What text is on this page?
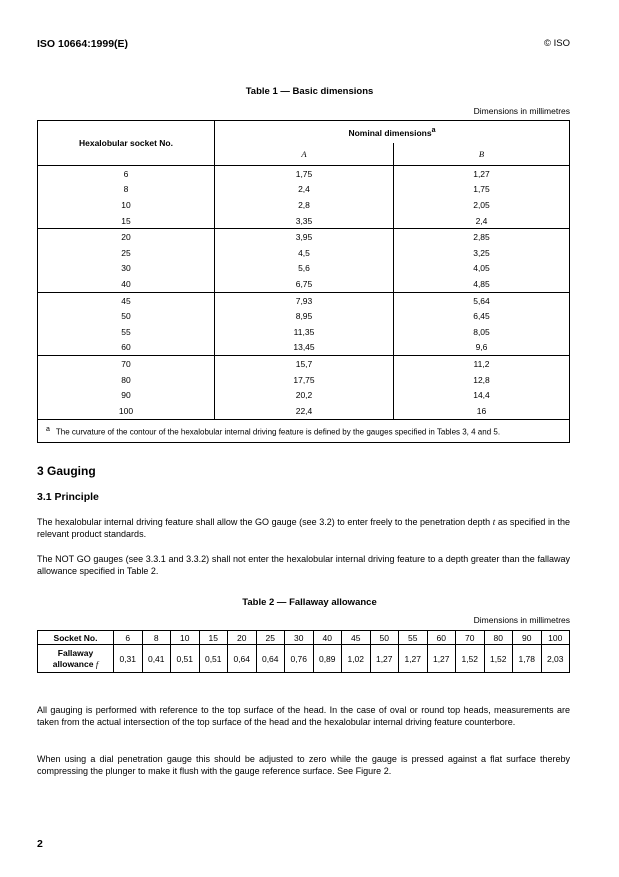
ISO 10664:1999(E)	© ISO
Table 1 — Basic dimensions
Dimensions in millimetres
Hexalobular socket No.	Nominal dimensions$^a$
	A	B
6	1,75	1,27
8	2,4	1,75
10	2,8	2,05
15	3,35	2,4
20	3,95	2,85
25	4,5	3,25
30	5,6	4,05
40	6,75	4,85
45	7,93	5,64
50	8,95	6,45
55	11,35	8,05
60	13,45	9,6
70	15,7	11,2
80	17,75	12,8
90	20,2	14,4
100	22,4	16
a The curvature of the contour of the hexalobular internal driving feature is defined by the gauges specified in Tables 3, 4 and 5.		
3 Gauging
3.1 Principle
The hexalobular internal driving feature shall allow the GO gauge (see 3.2) to enter freely to the penetration depth t as specified in the relevant product standards.
The NOT GO gauges (see 3.3.1 and 3.3.2) shall not enter the hexalobular internal driving feature to a depth greater than the fallaway allowance specified in Table 2.
Table 2 — Fallaway allowance
Dimensions in millimetres
Socket No.	6	8	10	15	20	25	30	40	45	50	55	60	70	80	90	100
Fallaway allowance f	0,31	0,41	0,51	0,51	0,64	0,64	0,76	0,89	1,02	1,27	1,27	1,27	1,52	1,52	1,78	2,03
All gauging is performed with reference to the top surface of the head. In the case of oval or round top heads, measurements are taken from the actual intersection of the top surface of the head and the hexalobular internal driving feature counterbore.
When using a dial penetration gauge this should be adjusted to zero while the gauge is pressed against a flat surface thereby compressing the plunger to make it flush with the gauge reference surface. See Figure 2.
2
